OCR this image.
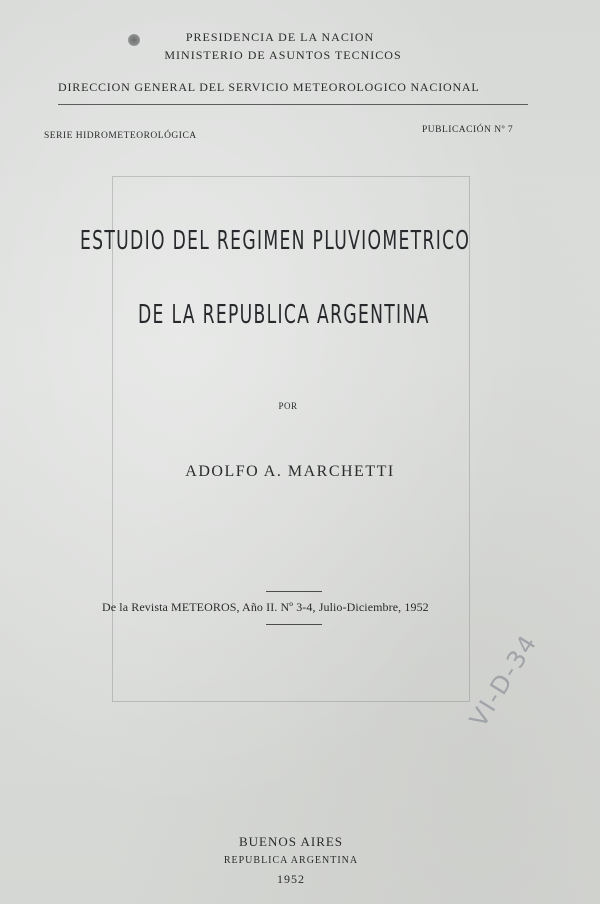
PRESIDENCIA DE LA NACION
MINISTERIO DE ASUNTOS TECNICOS
DIRECCION GENERAL DEL SERVICIO METEOROLOGICO NACIONAL
SERIE HIDROMETEOROLÓGICA
PUBLICACIÓN Nº 7
ESTUDIO DEL REGIMEN PLUVIOMETRICO
DE LA REPUBLICA ARGENTINA
POR
ADOLFO A. MARCHETTI
De la Revista METEOROS, Año II. Nº 3-4, Julio-Diciembre, 1952
VI-D-34
BUENOS AIRES
REPUBLICA ARGENTINA
1952
